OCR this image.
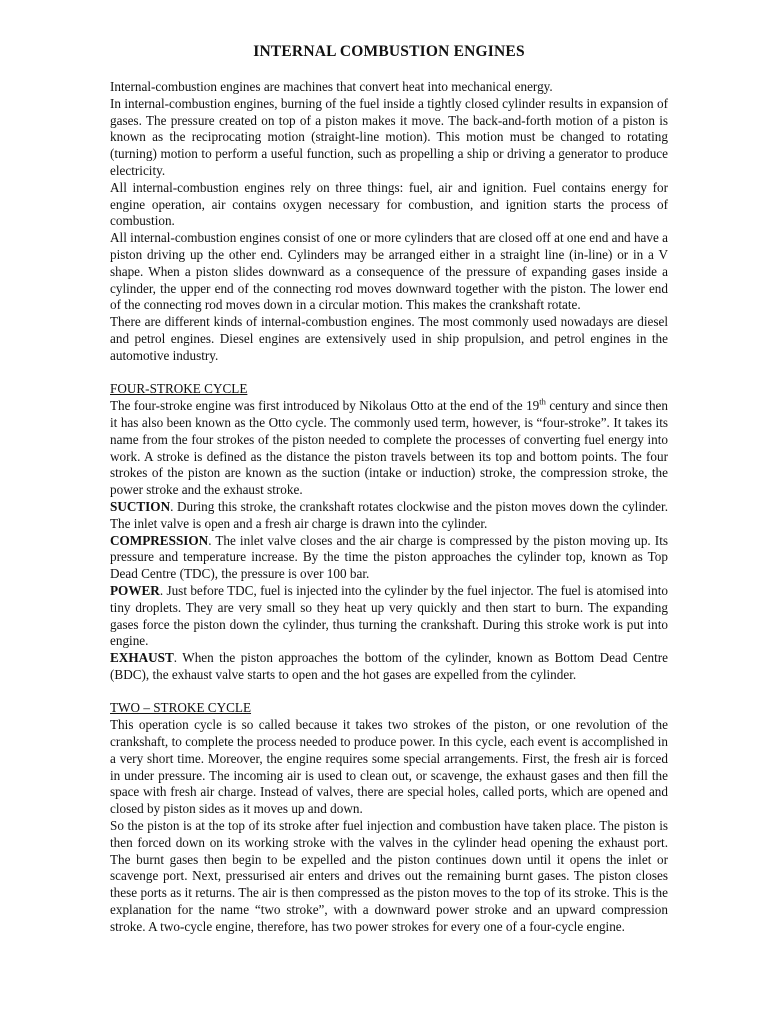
INTERNAL COMBUSTION ENGINES

Internal-combustion engines are machines that convert heat into mechanical energy.

In internal-combustion engines, burning of the fuel inside a tightly closed cylinder results in expansion of gases. The pressure created on top of a piston makes it move. The back-and-forth motion of a piston is known as the reciprocating motion (straight-line motion). This motion must be changed to rotating (turning) motion to perform a useful function, such as propelling a ship or driving a generator to produce electricity.

All internal-combustion engines rely on three things: fuel, air and ignition. Fuel contains energy for engine operation, air contains oxygen necessary for combustion, and ignition starts the process of combustion.

All internal-combustion engines consist of one or more cylinders that are closed off at one end and have a piston driving up the other end. Cylinders may be arranged either in a straight line (in-line) or in a V shape. When a piston slides downward as a consequence of the pressure of expanding gases inside a cylinder, the upper end of the connecting rod moves downward together with the piston. The lower end of the connecting rod moves down in a circular motion. This makes the crankshaft rotate.

There are different kinds of internal-combustion engines. The most commonly used nowadays are diesel and petrol engines. Diesel engines are extensively used in ship propulsion, and petrol engines in the automotive industry.

FOUR-STROKE CYCLE

The four-stroke engine was first introduced by Nikolaus Otto at the end of the 19th century and since then it has also been known as the Otto cycle. The commonly used term, however, is “four-stroke”. It takes its name from the four strokes of the piston needed to complete the processes of converting fuel energy into work. A stroke is defined as the distance the piston travels between its top and bottom points. The four strokes of the piston are known as the suction (intake or induction) stroke, the compression stroke, the power stroke and the exhaust stroke.

SUCTION. During this stroke, the crankshaft rotates clockwise and the piston moves down the cylinder. The inlet valve is open and a fresh air charge is drawn into the cylinder.

COMPRESSION. The inlet valve closes and the air charge is compressed by the piston moving up. Its pressure and temperature increase. By the time the piston approaches the cylinder top, known as Top Dead Centre (TDC), the pressure is over 100 bar.

POWER. Just before TDC, fuel is injected into the cylinder by the fuel injector. The fuel is atomised into tiny droplets. They are very small so they heat up very quickly and then start to burn. The expanding gases force the piston down the cylinder, thus turning the crankshaft. During this stroke work is put into engine.

EXHAUST. When the piston approaches the bottom of the cylinder, known as Bottom Dead Centre (BDC), the exhaust valve starts to open and the hot gases are expelled from the cylinder.

TWO – STROKE CYCLE

This operation cycle is so called because it takes two strokes of the piston, or one revolution of the crankshaft, to complete the process needed to produce power. In this cycle, each event is accomplished in a very short time. Moreover, the engine requires some special arrangements. First, the fresh air is forced in under pressure. The incoming air is used to clean out, or scavenge, the exhaust gases and then fill the space with fresh air charge. Instead of valves, there are special holes, called ports, which are opened and closed by piston sides as it moves up and down.

So the piston is at the top of its stroke after fuel injection and combustion have taken place. The piston is then forced down on its working stroke with the valves in the cylinder head opening the exhaust port. The burnt gases then begin to be expelled and the piston continues down until it opens the inlet or scavenge port. Next, pressurised air enters and drives out the remaining burnt gases. The piston closes these ports as it returns. The air is then compressed as the piston moves to the top of its stroke. This is the explanation for the name “two stroke”, with a downward power stroke and an upward compression stroke. A two-cycle engine, therefore, has two power strokes for every one of a four-cycle engine.
